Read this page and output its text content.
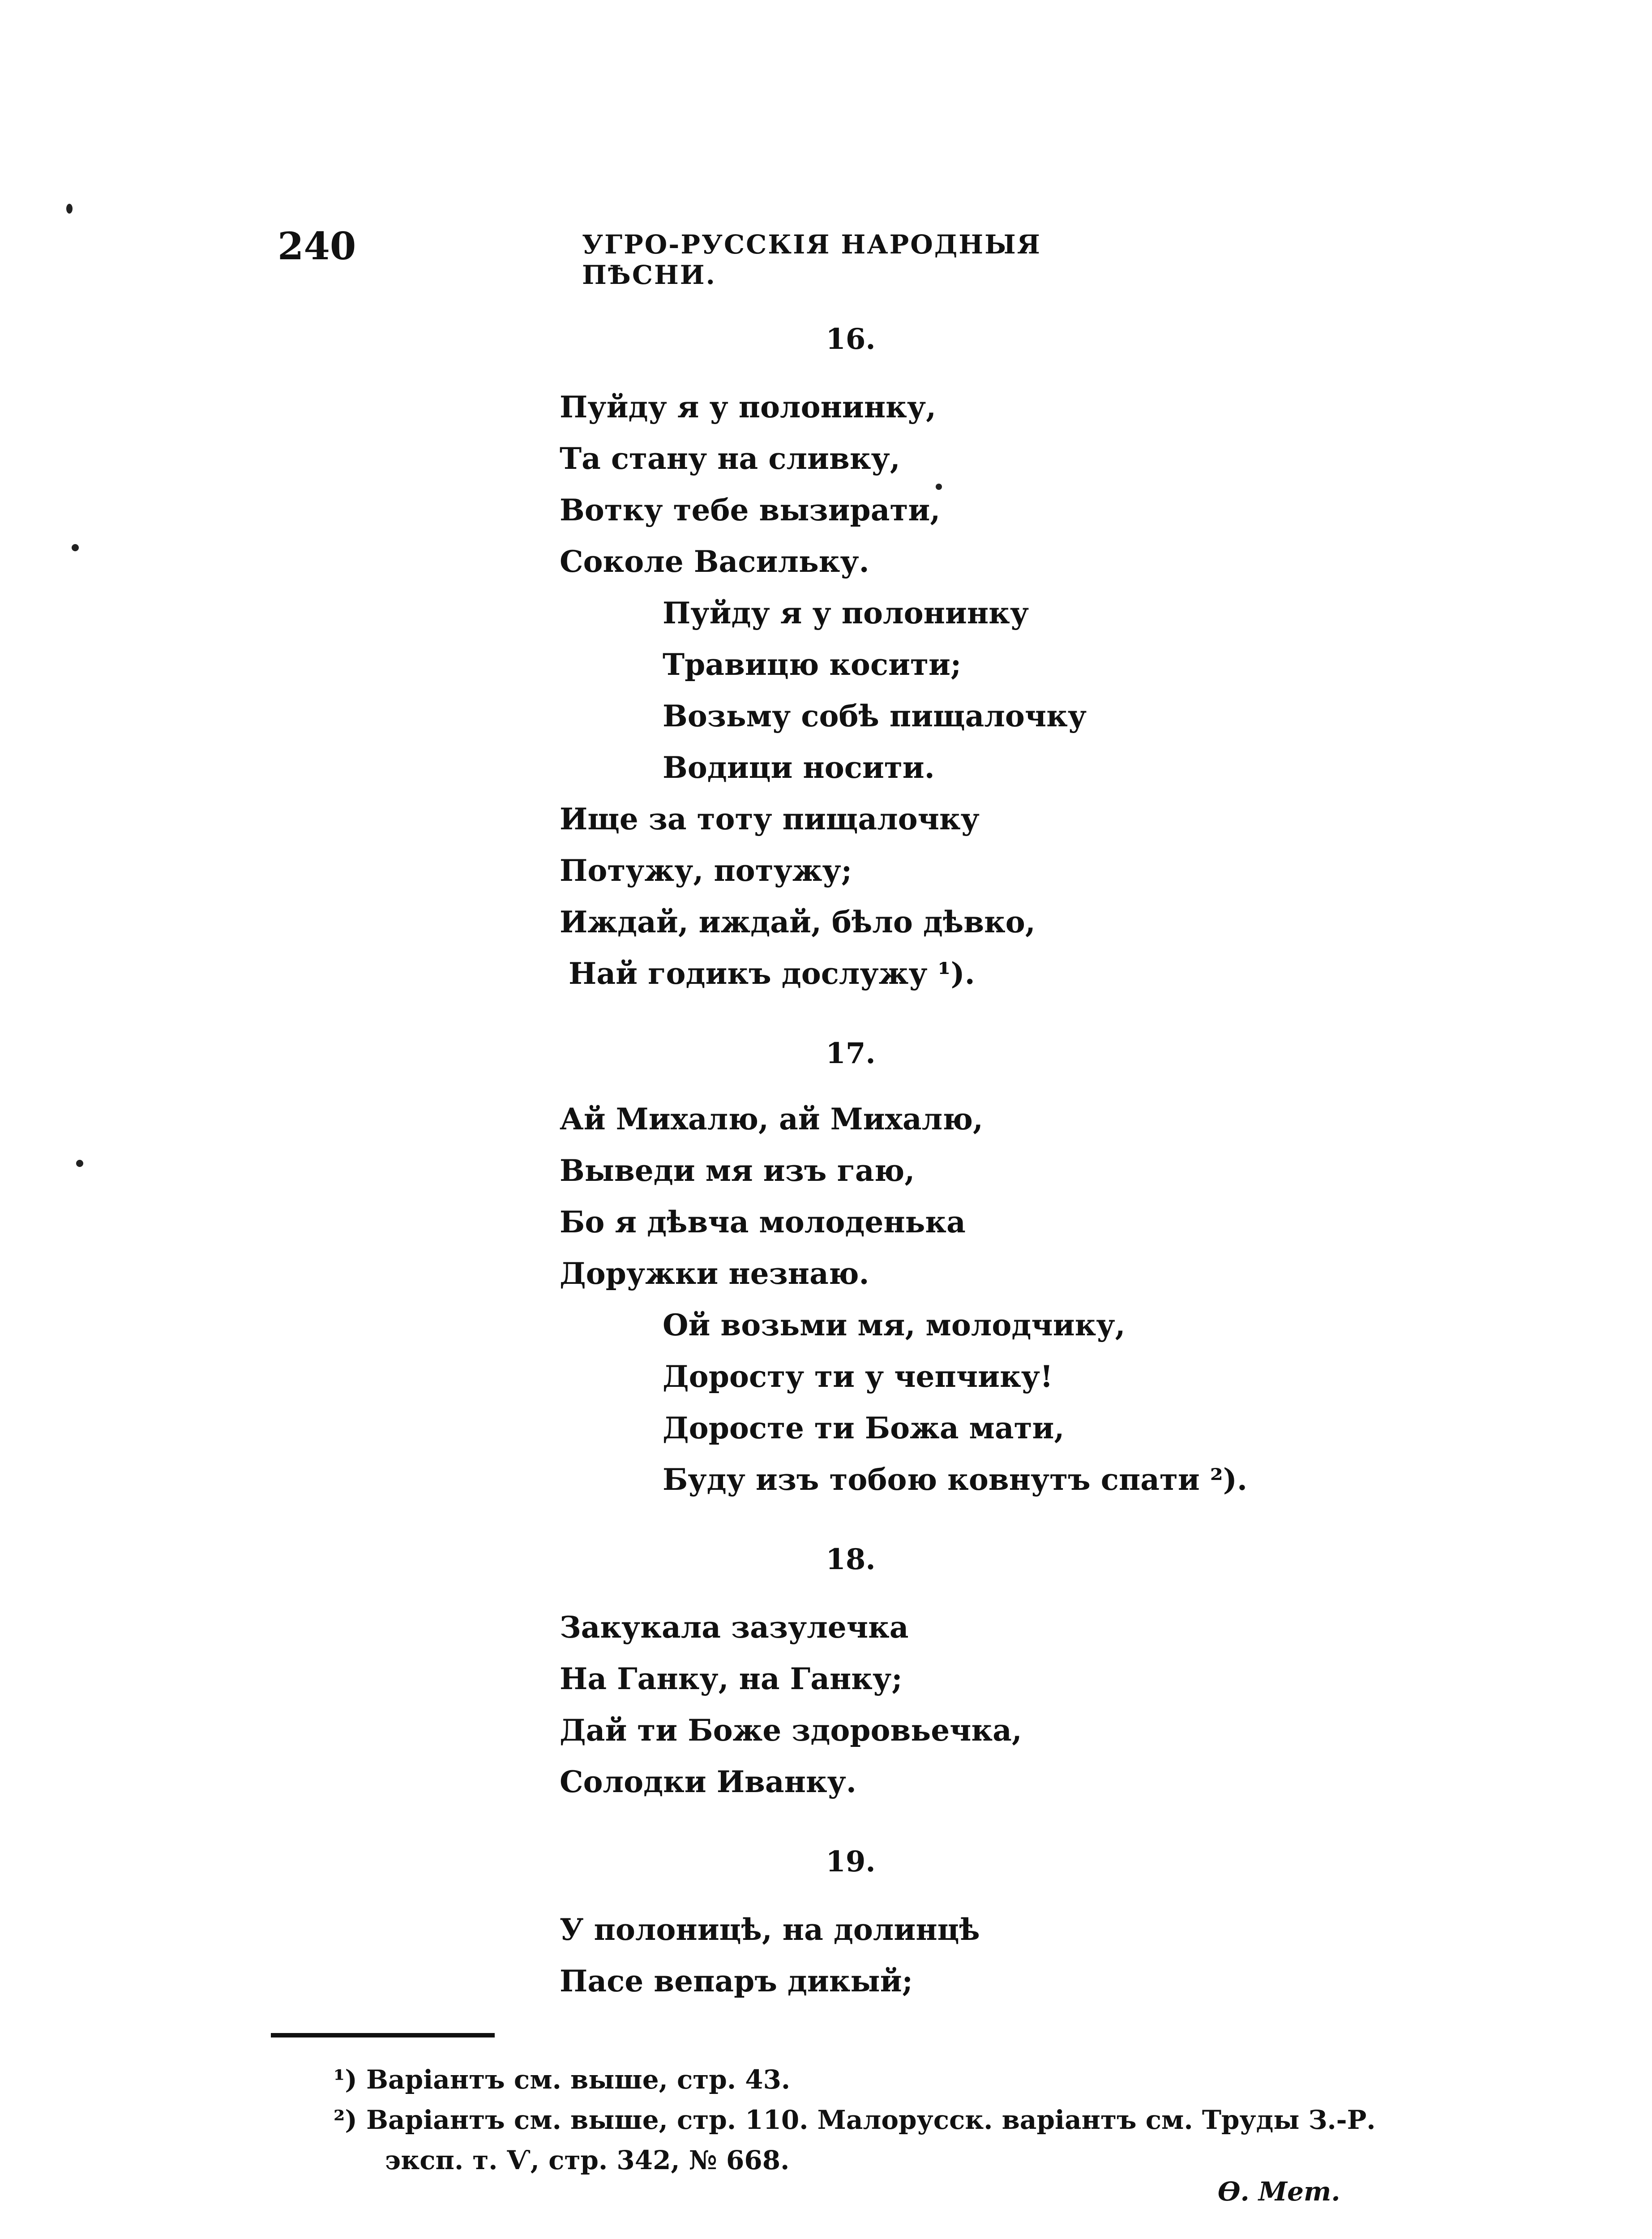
240	УГРО-РУССКІЯ НАРОДНЫЯ ПѢСНИ.
16.
Пуйду я у полонинку,
Та стану на сливку,
Вотку тебе вызирати,
Соколе Васильку.
Пуйду я у полонинку
Травицю косити;
Возьму собѣ пищалочку
Водици носити.
Ище за тоту пищалочку
Потужу, потужу;
Иждай, иждай, бѣло дѣвко,
Най годикъ дослужу ¹).
17.
Ай Михалю, ай Михалю,
Выведи мя изъ гаю,
Бо я дѣвча молоденька
Доружки незнаю.
Ой возьми мя, молодчику,
Доросту ти у чепчику!
Доросте ти Божа мати,
Буду изъ тобою ковнутъ спати ²).
18.
Закукала зазулечка
На Ганку, на Ганку;
Дай ти Боже здоровьечка,
Солодки Иванку.
19.
У полоницѣ, на долинцѣ
Пасе вепаръ дикый;
¹) Варіантъ см. выше, стр. 43.
²) Варіантъ см. выше, стр. 110. Малорусск. варіантъ см. Труды З.-Р.
эксп. т. Ѵ, стр. 342, № 668.
Ѳ. Мет.
